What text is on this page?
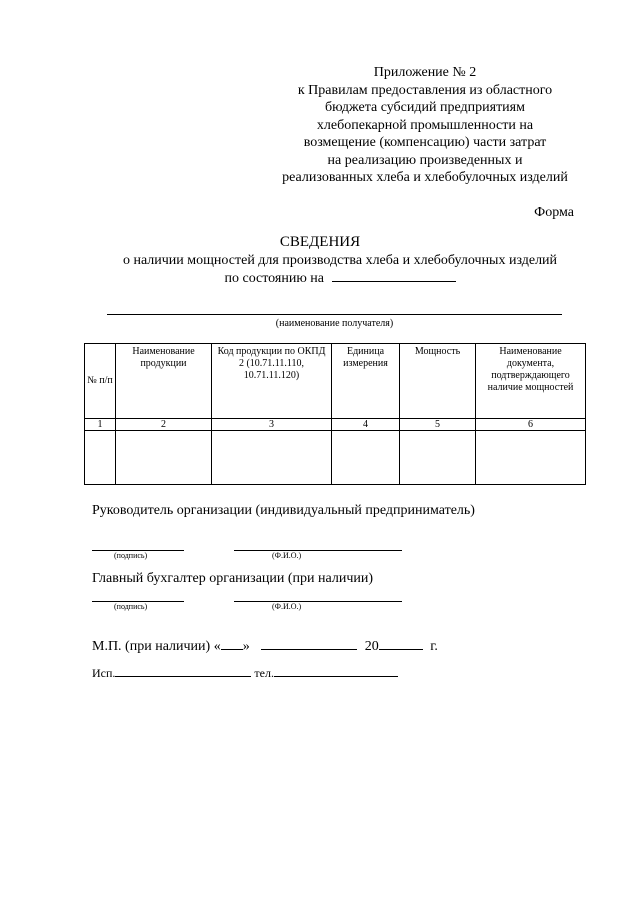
Приложение № 2
к Правилам предоставления из областного
бюджета субсидий предприятиям
хлебопекарной промышленности на
возмещение (компенсацию) части затрат
на реализацию произведенных и
реализованных хлеба и хлебобулочных изделий
Форма
СВЕДЕНИЯ
о наличии мощностей для производства хлеба и хлебобулочных изделий
по состоянию на
(наименование получателя)
№ п/п	Наименование продукции	Код продукции по ОКПД 2 (10.71.11.110, 10.71.11.120)	Единица измерения	Мощность	Наименование документа, подтверждающего наличие мощностей
1	2	3	4	5	6

Руководитель организации (индивидуальный предприниматель)
(подпись)	(Ф.И.О.)
Главный бухгалтер организации (при наличии)
(подпись)	(Ф.И.О.)
М.П. (при наличии) « »	20	г.
Исп.	тел.
